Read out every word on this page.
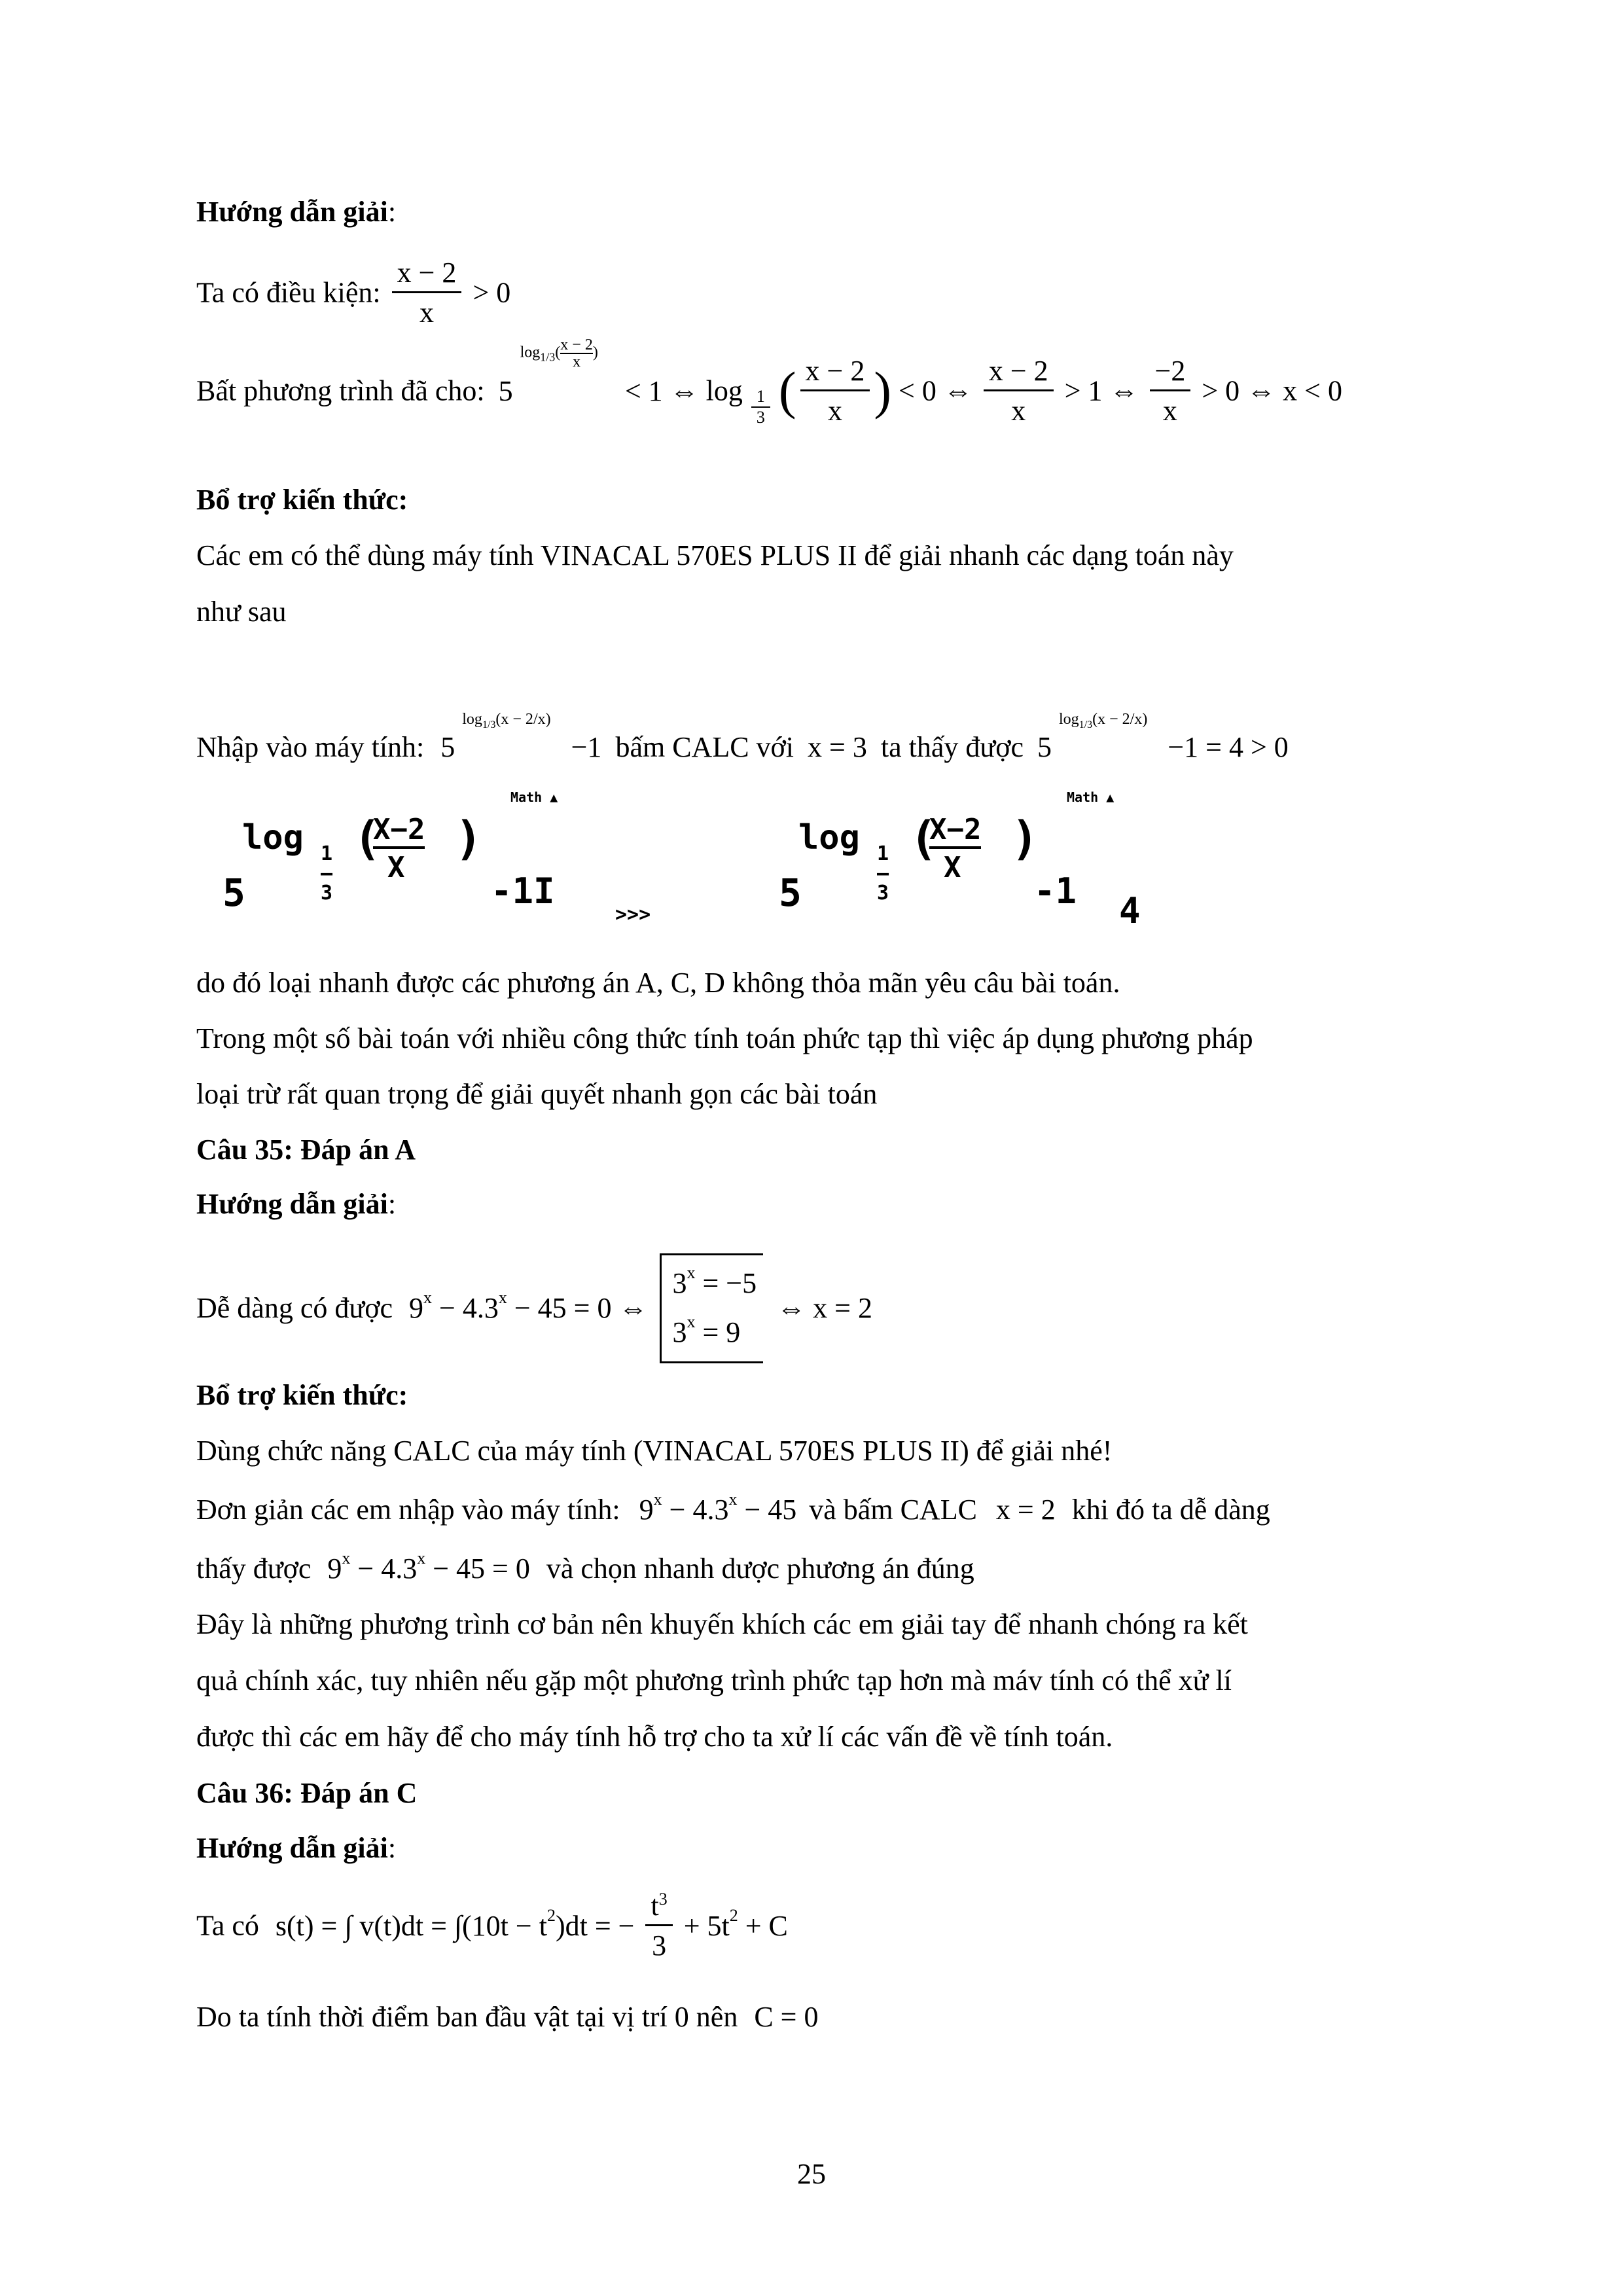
Hướng dẫn giải:
Ta có điều kiện: $\frac{x - 2}{x} > 0$
Bất phương trình đã cho: 5 $\log_{1/3}( \frac{x - 2}{x}$ ) < 1 ⇔ $\log \frac{1}{3}$ ( $\frac{x - 2}{x}$ ) < 0 ⇔ $\frac{x - 2}{x} > 1$ ⇔ $\frac{-2}{x} > 0$ ⇔ x < 0
Bổ trợ kiến thức:
Các em có thể dùng máy tính VINACAL 570ES PLUS II để giải nhanh các dạng toán này
như sau
Nhập vào máy tính: 5 $^{log_{1/3}(x - 2/x)}$ −1 bấm CALC với x = 3 ta thấy được 5 $^{log_{1/3}(x - 2/x)}$ −1 = 4 > 0
Math ▲
log 1
—
3
(
X−2
X
)
5	-1I
>>>
Math ▲
log 1
—
3
(
X−2
X
)
5	-1 4
do đó loại nhanh được các phương án A, C, D không thỏa mãn yêu câu bài toán.
Trong một số bài toán với nhiều công thức tính toán phức tạp thì việc áp dụng phương pháp
loại trừ rất quan trọng để giải quyết nhanh gọn các bài toán
Câu 35: Đáp án A
Hướng dẫn giải:
Dễ dàng có được $9^x - 4.3^x - 45 = 0$ ⇔
$3^x = -5$
$3^x = 9$
⇔ x = 2
Bổ trợ kiến thức:
Dùng chức năng CALC của máy tính (VINACAL 570ES PLUS II) để giải nhé!
Đơn giản các em nhập vào máy tính: $9^x - 4.3^x - 45$ và bấm CALC x = 2 khi đó ta dễ dàng
thấy được $9^x - 4.3^x - 45 = 0$ và chọn nhanh dược phương án đúng
Đây là những phương trình cơ bản nên khuyến khích các em giải tay để nhanh chóng ra kết
quả chính xác, tuy nhiên nếu gặp một phương trình phức tạp hơn mà máv tính có thể xử lí
được thì các em hãy để cho máy tính hỗ trợ cho ta xử lí các vấn đề về tính toán.
Câu 36: Đáp án C
Hướng dẫn giải:
Ta có s(t) = ∫ $v(t)dt = \int(10t - t^2)dt$ = − $\frac{t^3}{3} + 5t^2 + C$
Do ta tính thời điểm ban đầu vật tại vị trí 0 nên C = 0
25
